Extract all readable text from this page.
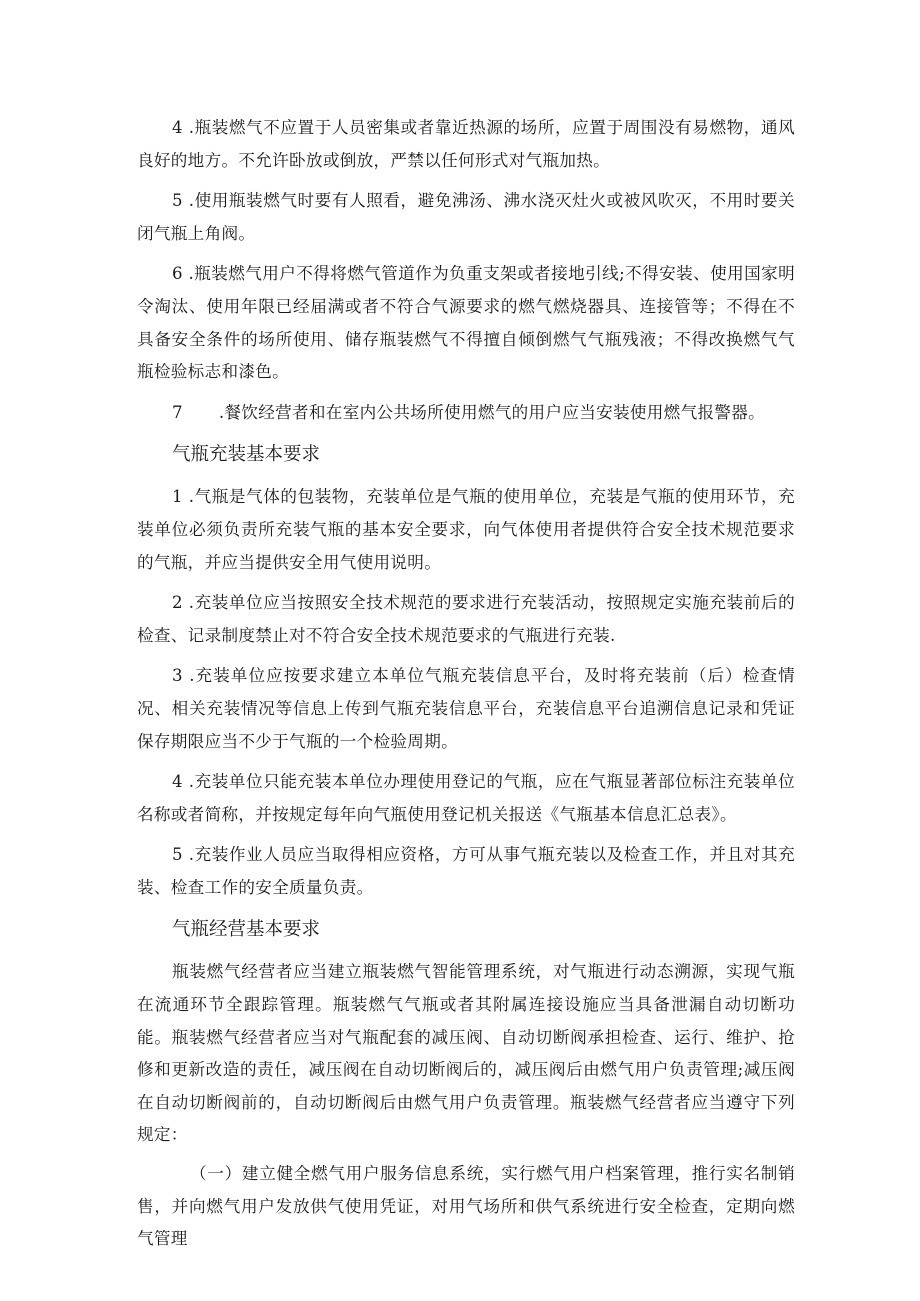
4 .瓶装燃气不应置于人员密集或者靠近热源的场所，应置于周围没有易燃物，通风良好的地方。不允许卧放或倒放，严禁以任何形式对气瓶加热。

5 .使用瓶装燃气时要有人照看，避免沸汤、沸水浇灭灶火或被风吹灭，不用时要关闭气瓶上角阀。

6 .瓶装燃气用户不得将燃气管道作为负重支架或者接地引线;不得安装、使用国家明令淘汰、使用年限已经届满或者不符合气源要求的燃气燃烧器具、连接管等；不得在不具备安全条件的场所使用、储存瓶装燃气不得擅自倾倒燃气气瓶残液；不得改换燃气气瓶检验标志和漆色。

7 .餐饮经营者和在室内公共场所使用燃气的用户应当安装使用燃气报警器。

气瓶充装基本要求

1 .气瓶是气体的包装物，充装单位是气瓶的使用单位，充装是气瓶的使用环节，充装单位必须负责所充装气瓶的基本安全要求，向气体使用者提供符合安全技术规范要求的气瓶，并应当提供安全用气使用说明。

2 .充装单位应当按照安全技术规范的要求进行充装活动，按照规定实施充装前后的检查、记录制度禁止对不符合安全技术规范要求的气瓶进行充装.

3 .充装单位应按要求建立本单位气瓶充装信息平台，及时将充装前（后）检查情况、相关充装情况等信息上传到气瓶充装信息平台，充装信息平台追溯信息记录和凭证保存期限应当不少于气瓶的一个检验周期。

4 .充装单位只能充装本单位办理使用登记的气瓶，应在气瓶显著部位标注充装单位名称或者简称，并按规定每年向气瓶使用登记机关报送《气瓶基本信息汇总表》。

5 .充装作业人员应当取得相应资格，方可从事气瓶充装以及检查工作，并且对其充装、检查工作的安全质量负责。

气瓶经营基本要求

瓶装燃气经营者应当建立瓶装燃气智能管理系统，对气瓶进行动态溯源，实现气瓶在流通环节全跟踪管理。瓶装燃气气瓶或者其附属连接设施应当具备泄漏自动切断功能。瓶装燃气经营者应当对气瓶配套的减压阀、自动切断阀承担检查、运行、维护、抢修和更新改造的责任，减压阀在自动切断阀后的，减压阀后由燃气用户负责管理;减压阀在自动切断阀前的，自动切断阀后由燃气用户负责管理。瓶装燃气经营者应当遵守下列规定：

（一）建立健全燃气用户服务信息系统，实行燃气用户档案管理，推行实名制销售，并向燃气用户发放供气使用凭证，对用气场所和供气系统进行安全检查，定期向燃气管理
